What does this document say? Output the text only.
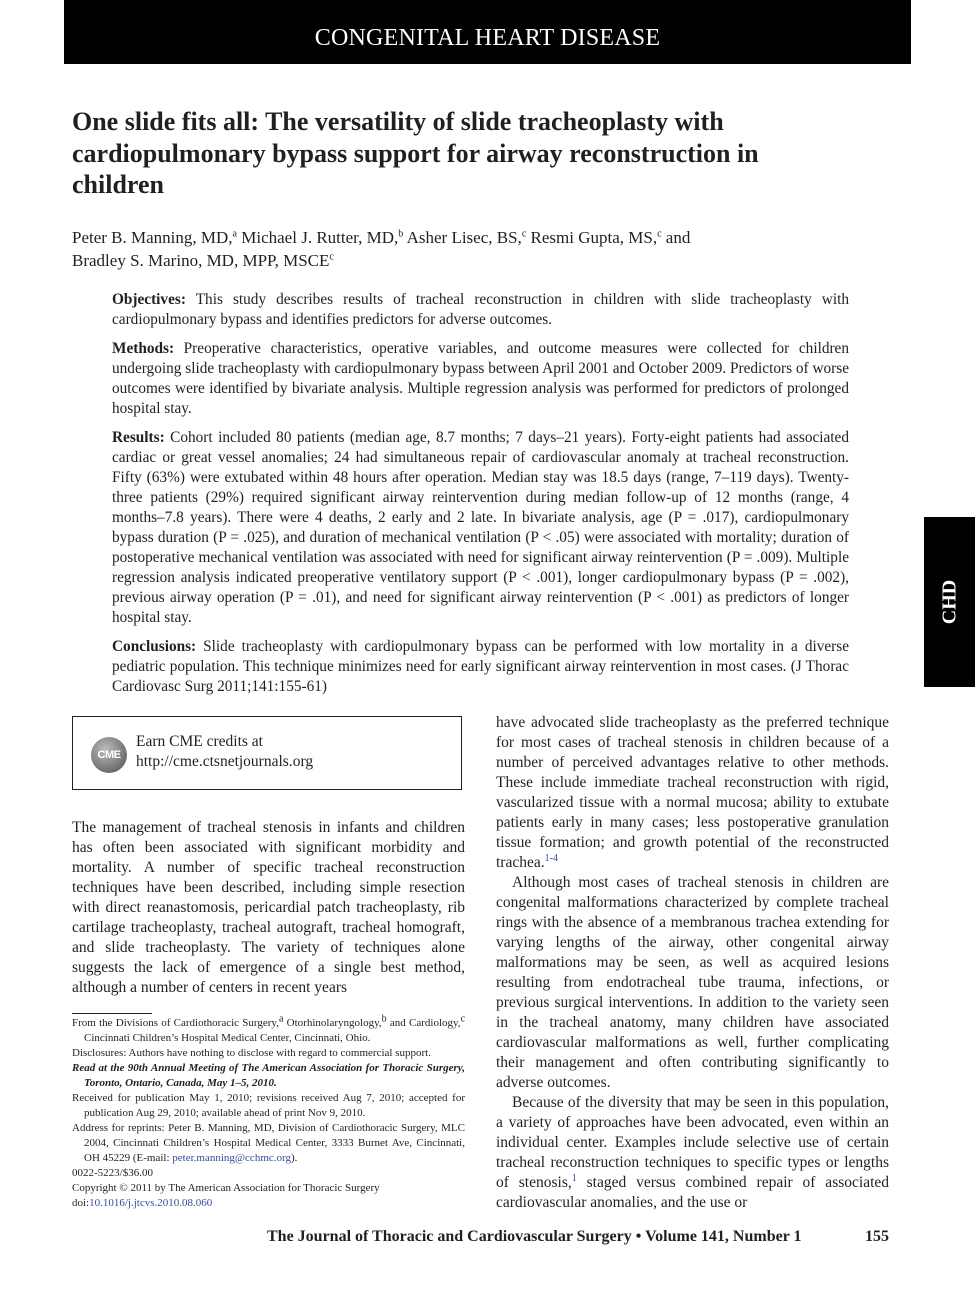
CONGENITAL HEART DISEASE
CHD
One slide fits all: The versatility of slide tracheoplasty with cardiopulmonary bypass support for airway reconstruction in children
Peter B. Manning, MD,$^a$ Michael J. Rutter, MD,$^b$ Asher Lisec, BS,$^c$ Resmi Gupta, MS,$^c$ and
Bradley S. Marino, MD, MPP, MSCE$^c$

Objectives: This study describes results of tracheal reconstruction in children with slide tracheoplasty with cardiopulmonary bypass and identifies predictors for adverse outcomes.

Methods: Preoperative characteristics, operative variables, and outcome measures were collected for children undergoing slide tracheoplasty with cardiopulmonary bypass between April 2001 and October 2009. Predictors of worse outcomes were identified by bivariate analysis. Multiple regression analysis was performed for predictors of prolonged hospital stay.

Results: Cohort included 80 patients (median age, 8.7 months; 7 days–21 years). Forty-eight patients had associated cardiac or great vessel anomalies; 24 had simultaneous repair of cardiovascular anomaly at tracheal reconstruction. Fifty (63%) were extubated within 48 hours after operation. Median stay was 18.5 days (range, 7–119 days). Twenty-three patients (29%) required significant airway reintervention during median follow-up of 12 months (range, 4 months–7.8 years). There were 4 deaths, 2 early and 2 late. In bivariate analysis, age (P = .017), cardiopulmonary bypass duration (P = .025), and duration of mechanical ventilation (P < .05) were associated with mortality; duration of postoperative mechanical ventilation was associated with need for significant airway reintervention (P = .009). Multiple regression analysis indicated preoperative ventilatory support (P < .001), longer cardiopulmonary bypass (P = .002), previous airway operation (P = .01), and need for significant airway reintervention (P < .001) as predictors of longer hospital stay.

Conclusions: Slide tracheoplasty with cardiopulmonary bypass can be performed with low mortality in a diverse pediatric population. This technique minimizes need for early significant airway reintervention in most cases. (J Thorac Cardiovasc Surg 2011;141:155-61)

CME
Earn CME credits at
http://cme.ctsnetjournals.org

The management of tracheal stenosis in infants and children has often been associated with significant morbidity and mortality. A number of specific tracheal reconstruction techniques have been described, including simple resection with direct reanastomosis, pericardial patch tracheoplasty, rib cartilage tracheoplasty, tracheal autograft, tracheal homograft, and slide tracheoplasty. The variety of techniques alone suggests the lack of emergence of a single best method, although a number of centers in recent years

From the Divisions of Cardiothoracic Surgery,$^a$ Otorhinolaryngology,$^b$ and Cardiology,$^c$ Cincinnati Children’s Hospital Medical Center, Cincinnati, Ohio.

Disclosures: Authors have nothing to disclose with regard to commercial support.

Read at the 90th Annual Meeting of The American Association for Thoracic Surgery, Toronto, Ontario, Canada, May 1–5, 2010.

Received for publication May 1, 2010; revisions received Aug 7, 2010; accepted for publication Aug 29, 2010; available ahead of print Nov 9, 2010.

Address for reprints: Peter B. Manning, MD, Division of Cardiothoracic Surgery, MLC 2004, Cincinnati Children’s Hospital Medical Center, 3333 Burnet Ave, Cincinnati, OH 45229 (E-mail: peter.manning@cchmc.org).

0022-5223/$36.00

Copyright © 2011 by The American Association for Thoracic Surgery

doi:10.1016/j.jtcvs.2010.08.060

have advocated slide tracheoplasty as the preferred technique for most cases of tracheal stenosis in children because of a number of perceived advantages relative to other methods. These include immediate tracheal reconstruction with rigid, vascularized tissue with a normal mucosa; ability to extubate patients early in many cases; less postoperative granulation tissue formation; and growth potential of the reconstructed trachea.$^{1-4}$

Although most cases of tracheal stenosis in children are congenital malformations characterized by complete tracheal rings with the absence of a membranous trachea extending for varying lengths of the airway, other congenital airway malformations may be seen, as well as acquired lesions resulting from endotracheal tube trauma, infections, or previous surgical interventions. In addition to the variety seen in the tracheal anatomy, many children have associated cardiovascular malformations as well, further complicating their management and often contributing significantly to adverse outcomes.

Because of the diversity that may be seen in this population, a variety of approaches have been advocated, even within an individual center. Examples include selective use of certain tracheal reconstruction techniques to specific types or lengths of stenosis,$^1$ staged versus combined repair of associated cardiovascular anomalies, and the use or

The Journal of Thoracic and Cardiovascular Surgery • Volume 141, Number 1	155
